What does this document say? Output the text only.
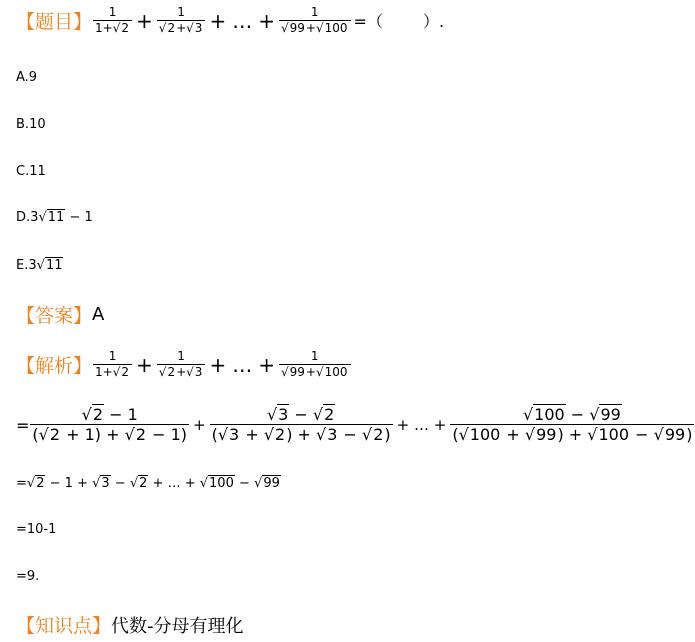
【题目】 $\frac{1}{1+√2} + \frac{1}{√2+√3}$ + … + $\frac{1}{√99+√100}$ =（	）.
A.9
B.10
C.11
D.3√11 − 1
E.3√11
【答案】 A
【解析】 $\frac{1}{1+√2} + \frac{1}{√2+√3}$ + … + $\frac{1}{√99+√100}$
= $\frac{√2 - 1}{(√2 + 1) + √2 - 1)} + \frac{√3 - √2}{(√3 + √2) + √3 - √2)}$ + … + $\frac{√100 - √99}{(√100 + √99) + √100 - √99)}$
=√2 − 1 + √3 − √2 + … + √100 − √99
=10-1
=9.
【知识点】 代数-分母有理化
